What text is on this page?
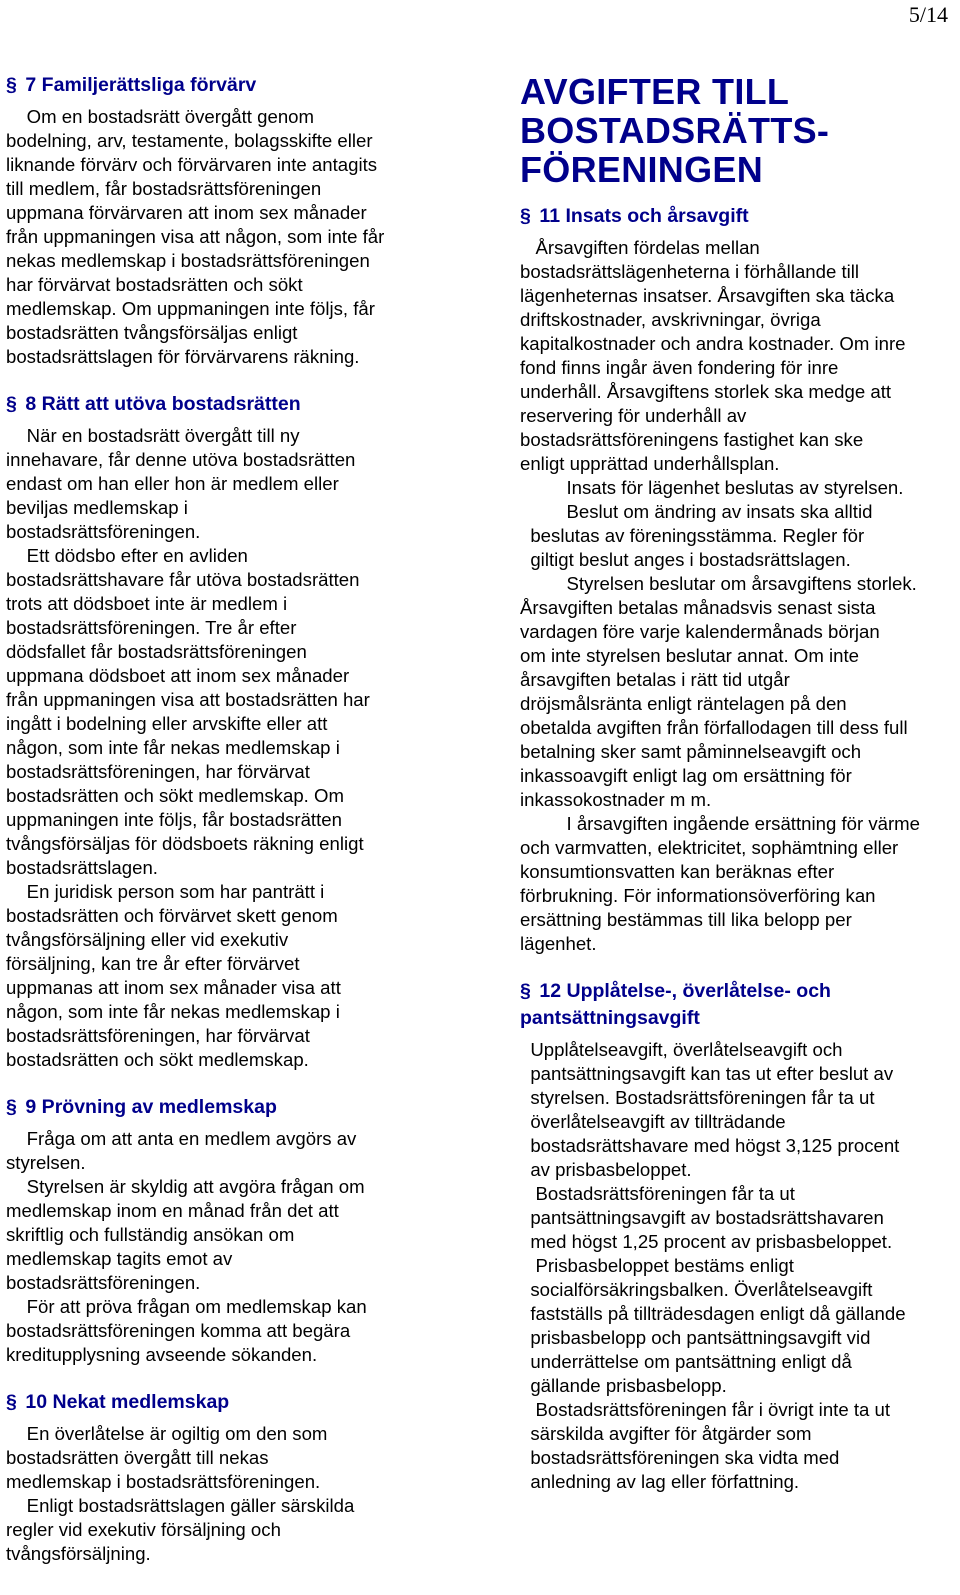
5/14
§ 7 Familjerättsliga förvärv
Om en bostadsrätt övergått genom
bodelning, arv, testamente, bolagsskifte eller
liknande förvärv och förvärvaren inte antagits
till medlem, får bostadsrättsföreningen
uppmana förvärvaren att inom sex månader
från uppmaningen visa att någon, som inte får
nekas medlemskap i bostadsrättsföreningen
har förvärvat bostadsrätten och sökt
medlemskap. Om uppmaningen inte följs, får
bostadsrätten tvångsförsäljas enligt
bostadsrättslagen för förvärvarens räkning.
§ 8 Rätt att utöva bostadsrätten
När en bostadsrätt övergått till ny
innehavare, får denne utöva bostadsrätten
endast om han eller hon är medlem eller
beviljas medlemskap i
bostadsrättsföreningen.
Ett dödsbo efter en avliden
bostadsrättshavare får utöva bostadsrätten
trots att dödsboet inte är medlem i
bostadsrättsföreningen. Tre år efter
dödsfallet får bostadsrättsföreningen
uppmana dödsboet att inom sex månader
från uppmaningen visa att bostadsrätten har
ingått i bodelning eller arvskifte eller att
någon, som inte får nekas medlemskap i
bostadsrättsföreningen, har förvärvat
bostadsrätten och sökt medlemskap. Om
uppmaningen inte följs, får bostadsrätten
tvångsförsäljas för dödsboets räkning enligt
bostadsrättslagen.
En juridisk person som har panträtt i
bostadsrätten och förvärvet skett genom
tvångsförsäljning eller vid exekutiv
försäljning, kan tre år efter förvärvet
uppmanas att inom sex månader visa att
någon, som inte får nekas medlemskap i
bostadsrättsföreningen, har förvärvat
bostadsrätten och sökt medlemskap.
§ 9 Prövning av medlemskap
Fråga om att anta en medlem avgörs av
styrelsen.
Styrelsen är skyldig att avgöra frågan om
medlemskap inom en månad från det att
skriftlig och fullständig ansökan om
medlemskap tagits emot av
bostadsrättsföreningen.
För att pröva frågan om medlemskap kan
bostadsrättsföreningen komma att begära
kreditupplysning avseende sökanden.
§ 10 Nekat medlemskap
En överlåtelse är ogiltig om den som
bostadsrätten övergått till nekas
medlemskap i bostadsrättsföreningen.
Enligt bostadsrättslagen gäller särskilda
regler vid exekutiv försäljning och
tvångsförsäljning.
AVGIFTER TILL
BOSTADSRÄTTS-
FÖRENINGEN
§ 11 Insats och årsavgift
Årsavgiften fördelas mellan
bostadsrättslägenheterna i förhållande till
lägenheternas insatser. Årsavgiften ska täcka
driftskostnader, avskrivningar, övriga
kapitalkostnader och andra kostnader. Om inre
fond finns ingår även fondering för inre
underhåll. Årsavgiftens storlek ska medge att
reservering för underhåll av
bostadsrättsföreningens fastighet kan ske
enligt upprättad underhållsplan.
Insats för lägenhet beslutas av styrelsen.
Beslut om ändring av insats ska alltid
beslutas av föreningsstämma. Regler för
giltigt beslut anges i bostadsrättslagen.
Styrelsen beslutar om årsavgiftens storlek.
Årsavgiften betalas månadsvis senast sista
vardagen före varje kalendermånads början
om inte styrelsen beslutar annat. Om inte
årsavgiften betalas i rätt tid utgår
dröjsmålsränta enligt räntelagen på den
obetalda avgiften från förfallodagen till dess full
betalning sker samt påminnelseavgift och
inkassoavgift enligt lag om ersättning för
inkassokostnader m m.
I årsavgiften ingående ersättning för värme
och varmvatten, elektricitet, sophämtning eller
konsumtionsvatten kan beräknas efter
förbrukning. För informationsöverföring kan
ersättning bestämmas till lika belopp per
lägenhet.
§ 12 Upplåtelse-, överlåtelse- och
pantsättningsavgift
Upplåtelseavgift, överlåtelseavgift och
pantsättningsavgift kan tas ut efter beslut av
styrelsen. Bostadsrättsföreningen får ta ut
överlåtelseavgift av tillträdande
bostadsrättshavare med högst 3,125 procent
av prisbasbeloppet.
Bostadsrättsföreningen får ta ut
pantsättningsavgift av bostadsrättshavaren
med högst 1,25 procent av prisbasbeloppet.
Prisbasbeloppet bestäms enligt
socialförsäkringsbalken. Överlåtelseavgift
fastställs på tillträdesdagen enligt då gällande
prisbasbelopp och pantsättningsavgift vid
underrättelse om pantsättning enligt då
gällande prisbasbelopp.
Bostadsrättsföreningen får i övrigt inte ta ut
särskilda avgifter för åtgärder som
bostadsrättsföreningen ska vidta med
anledning av lag eller författning.
